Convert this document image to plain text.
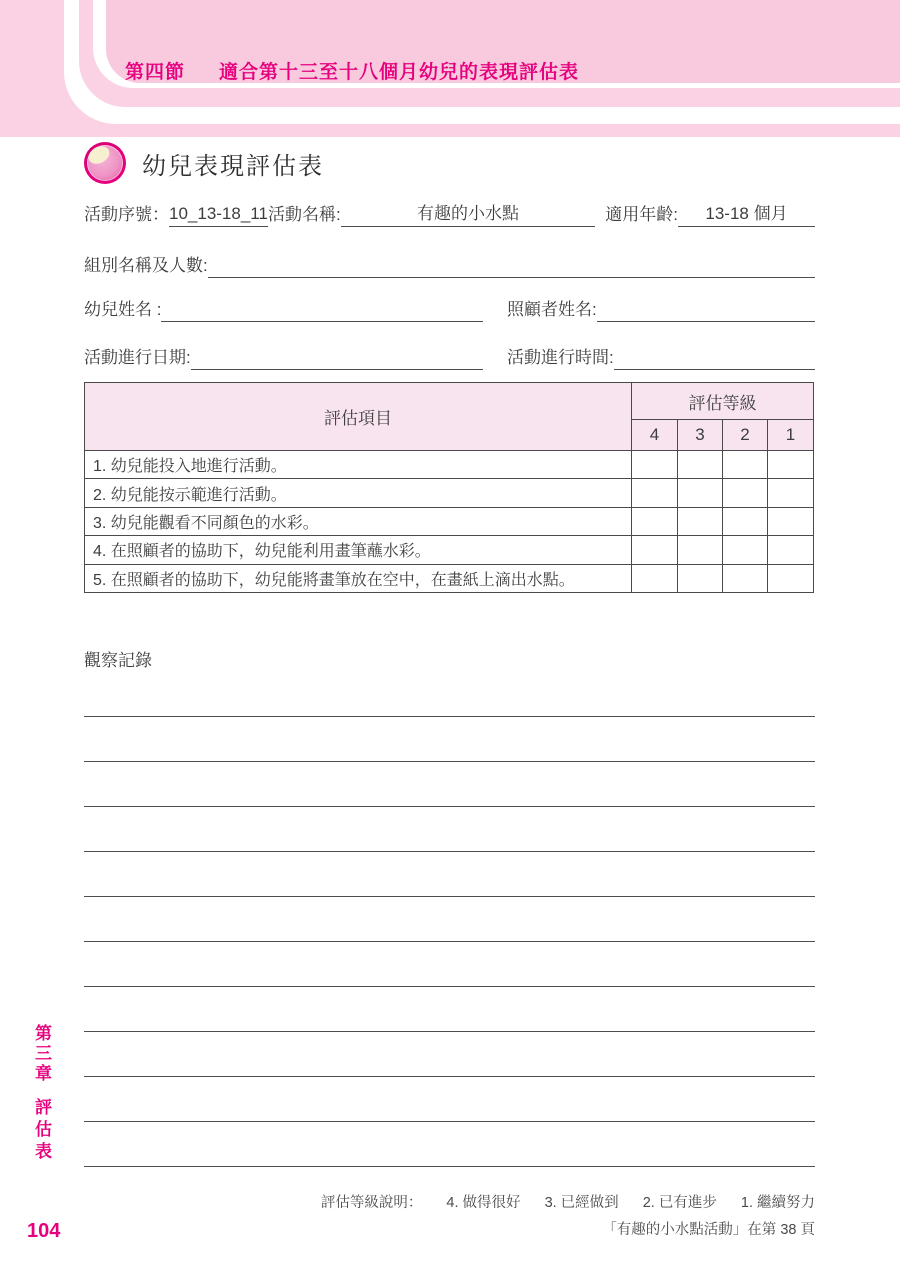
第四節 適合第十三至十八個月幼兒的表現評估表
幼兒表現評估表
活動序號： 10_13-18_11 活動名稱:	有趣的小水點	適用年齡:	13-18 個月
組別名稱及人數:
幼兒姓名 :	照顧者姓名:
活動進行日期:	活動進行時間:
評估項目	評估等級			
	4	3	2	1
1. 幼兒能投入地進行活動。				
2. 幼兒能按示範進行活動。				
3. 幼兒能觀看不同顏色的水彩。				
4. 在照顧者的協助下，幼兒能利用畫筆蘸水彩。				
5. 在照顧者的協助下，幼兒能將畫筆放在空中，在畫紙上滴出水點。				
觀察記錄
評估等級說明： 4. 做得很好 3. 已經做到 2. 已有進步 1. 繼續努力
「有趣的小水點活動」在第 38 頁
第三章
評估表
104
